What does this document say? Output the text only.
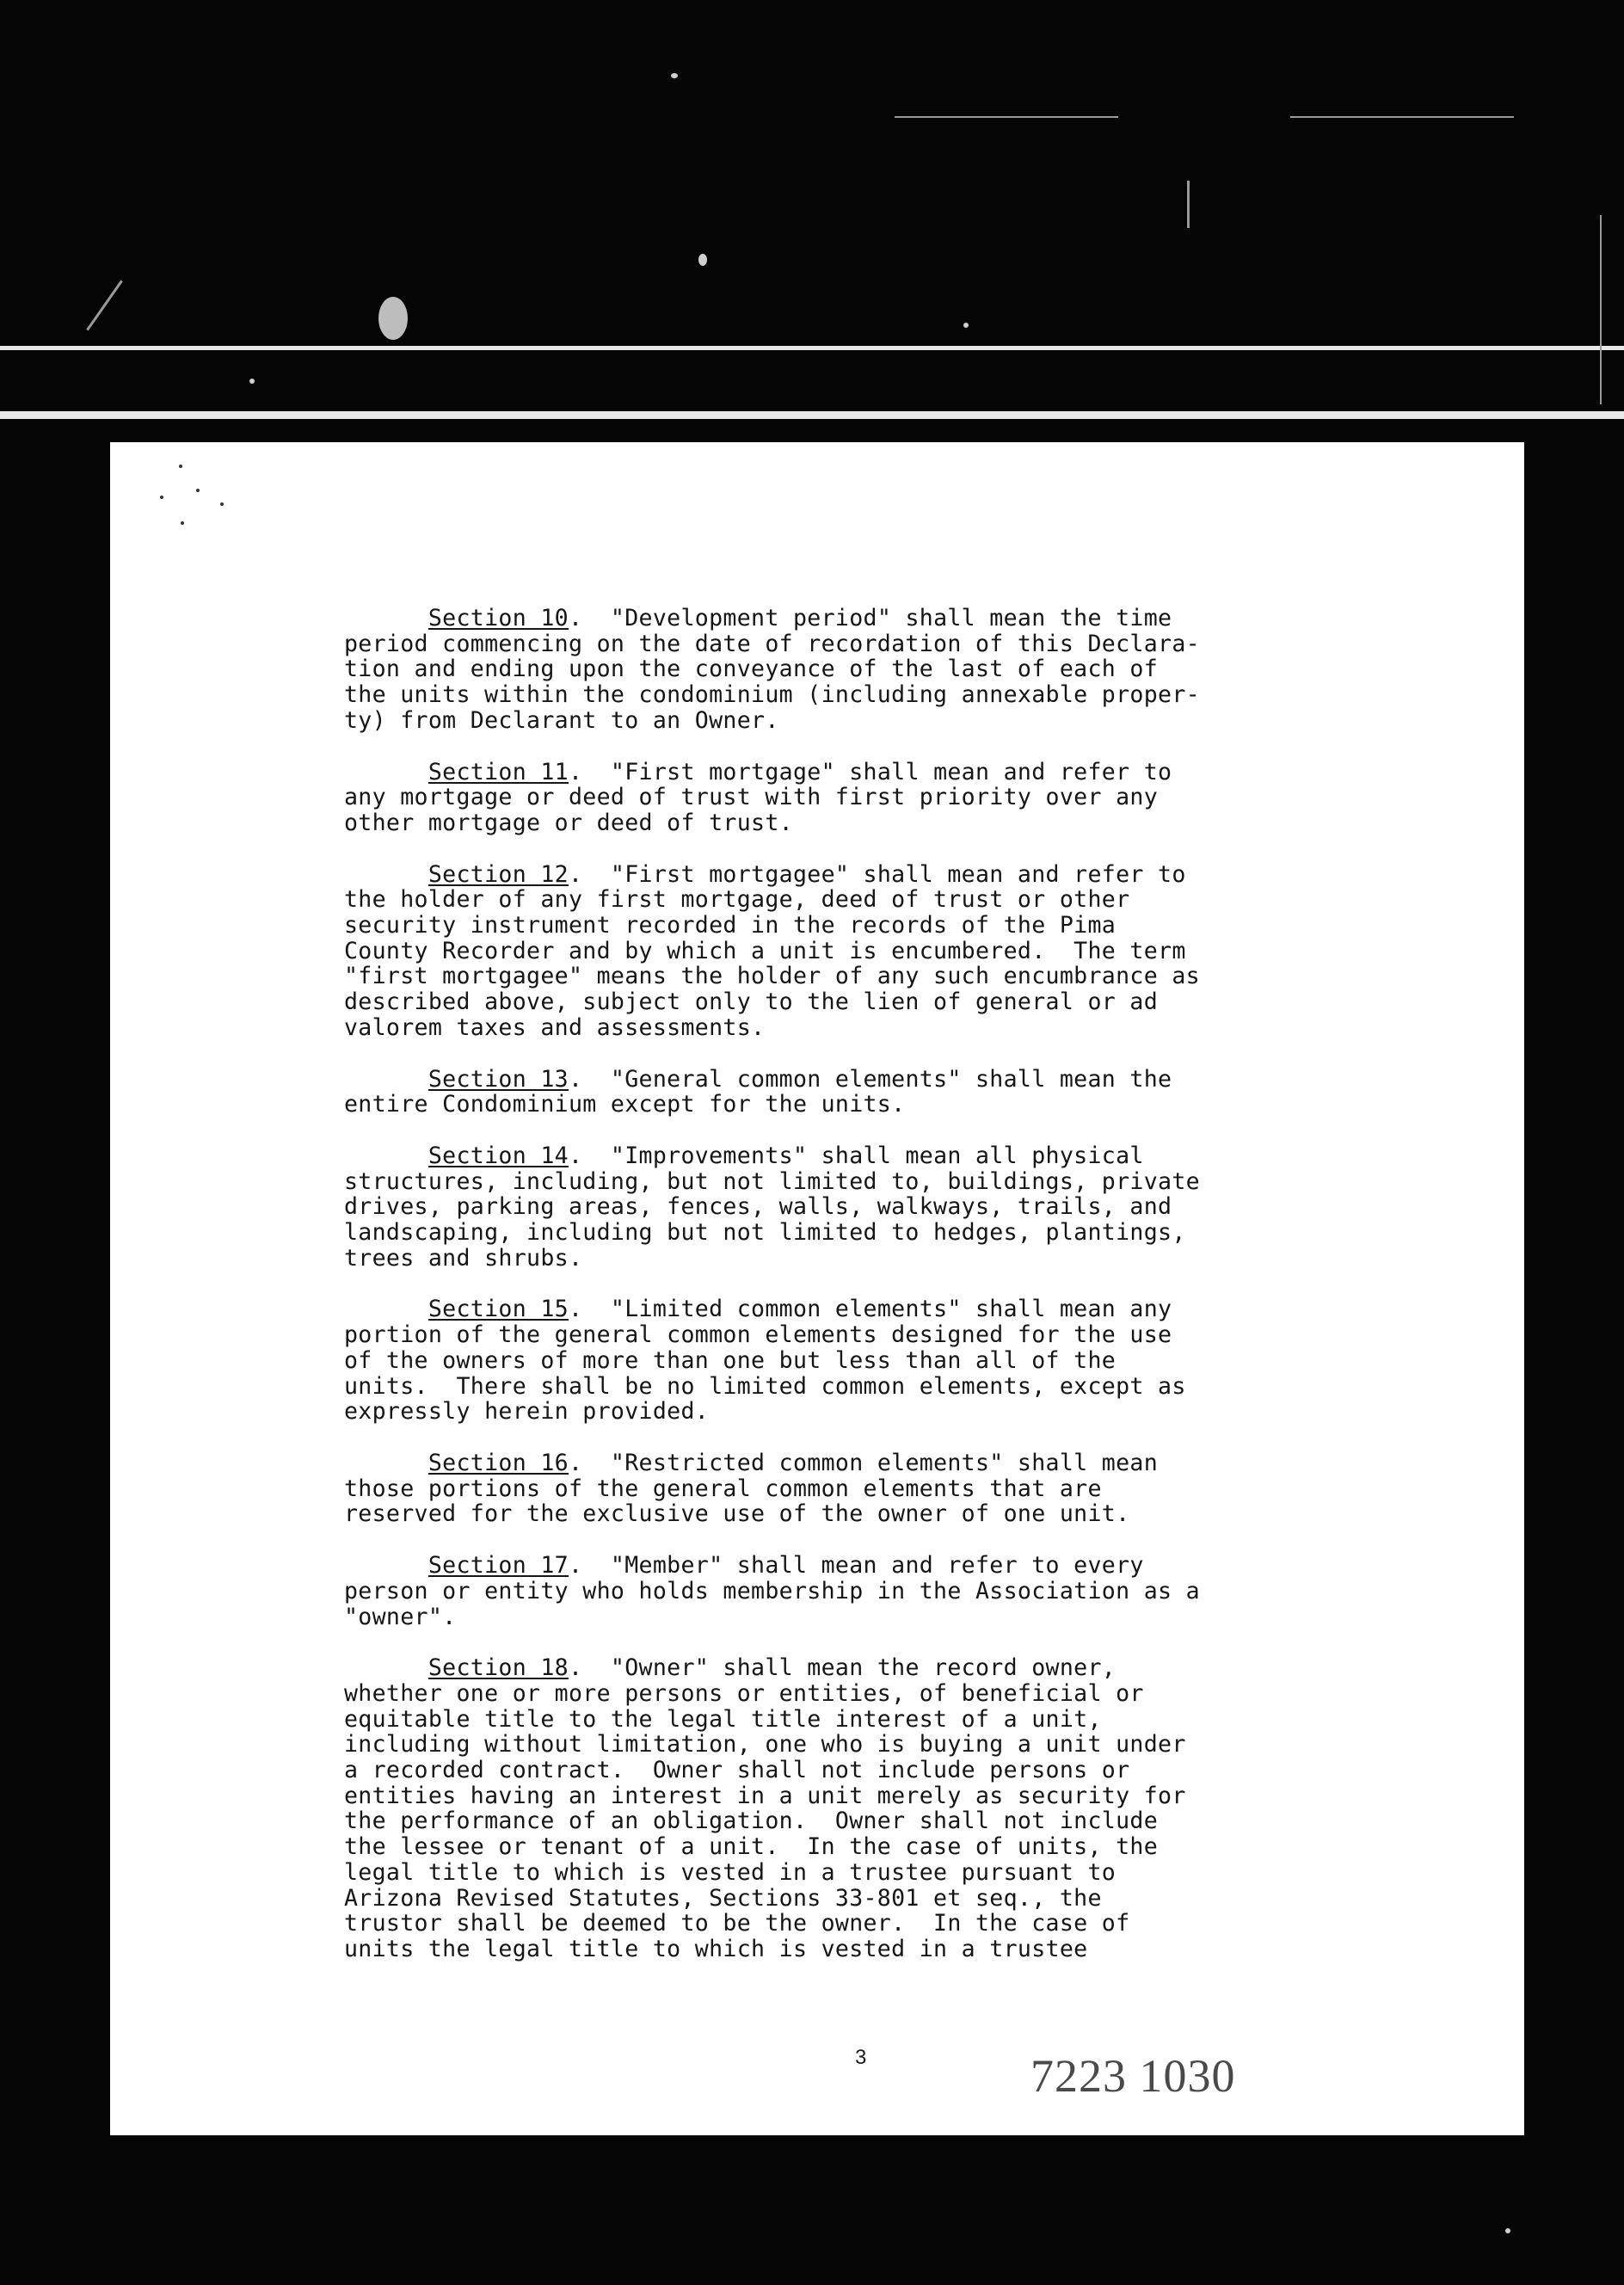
Section 10.  "Development period" shall mean the time
period commencing on the date of recordation of this Declara-
tion and ending upon the conveyance of the last of each of
the units within the condominium (including annexable proper-
ty) from Declarant to an Owner.
Section 11.  "First mortgage" shall mean and refer to
any mortgage or deed of trust with first priority over any
other mortgage or deed of trust.
Section 12.  "First mortgagee" shall mean and refer to
the holder of any first mortgage, deed of trust or other
security instrument recorded in the records of the Pima
County Recorder and by which a unit is encumbered.  The term
"first mortgagee" means the holder of any such encumbrance as
described above, subject only to the lien of general or ad
valorem taxes and assessments.
Section 13.  "General common elements" shall mean the
entire Condominium except for the units.
Section 14.  "Improvements" shall mean all physical
structures, including, but not limited to, buildings, private
drives, parking areas, fences, walls, walkways, trails, and
landscaping, including but not limited to hedges, plantings,
trees and shrubs.
Section 15.  "Limited common elements" shall mean any
portion of the general common elements designed for the use
of the owners of more than one but less than all of the
units.  There shall be no limited common elements, except as
expressly herein provided.
Section 16.  "Restricted common elements" shall mean
those portions of the general common elements that are
reserved for the exclusive use of the owner of one unit.
Section 17.  "Member" shall mean and refer to every
person or entity who holds membership in the Association as a
"owner".
Section 18.  "Owner" shall mean the record owner,
whether one or more persons or entities, of beneficial or
equitable title to the legal title interest of a unit,
including without limitation, one who is buying a unit under
a recorded contract.  Owner shall not include persons or
entities having an interest in a unit merely as security for
the performance of an obligation.  Owner shall not include
the lessee or tenant of a unit.  In the case of units, the
legal title to which is vested in a trustee pursuant to
Arizona Revised Statutes, Sections 33-801 et seq., the
trustor shall be deemed to be the owner.  In the case of
units the legal title to which is vested in a trustee
3	7223 1030
